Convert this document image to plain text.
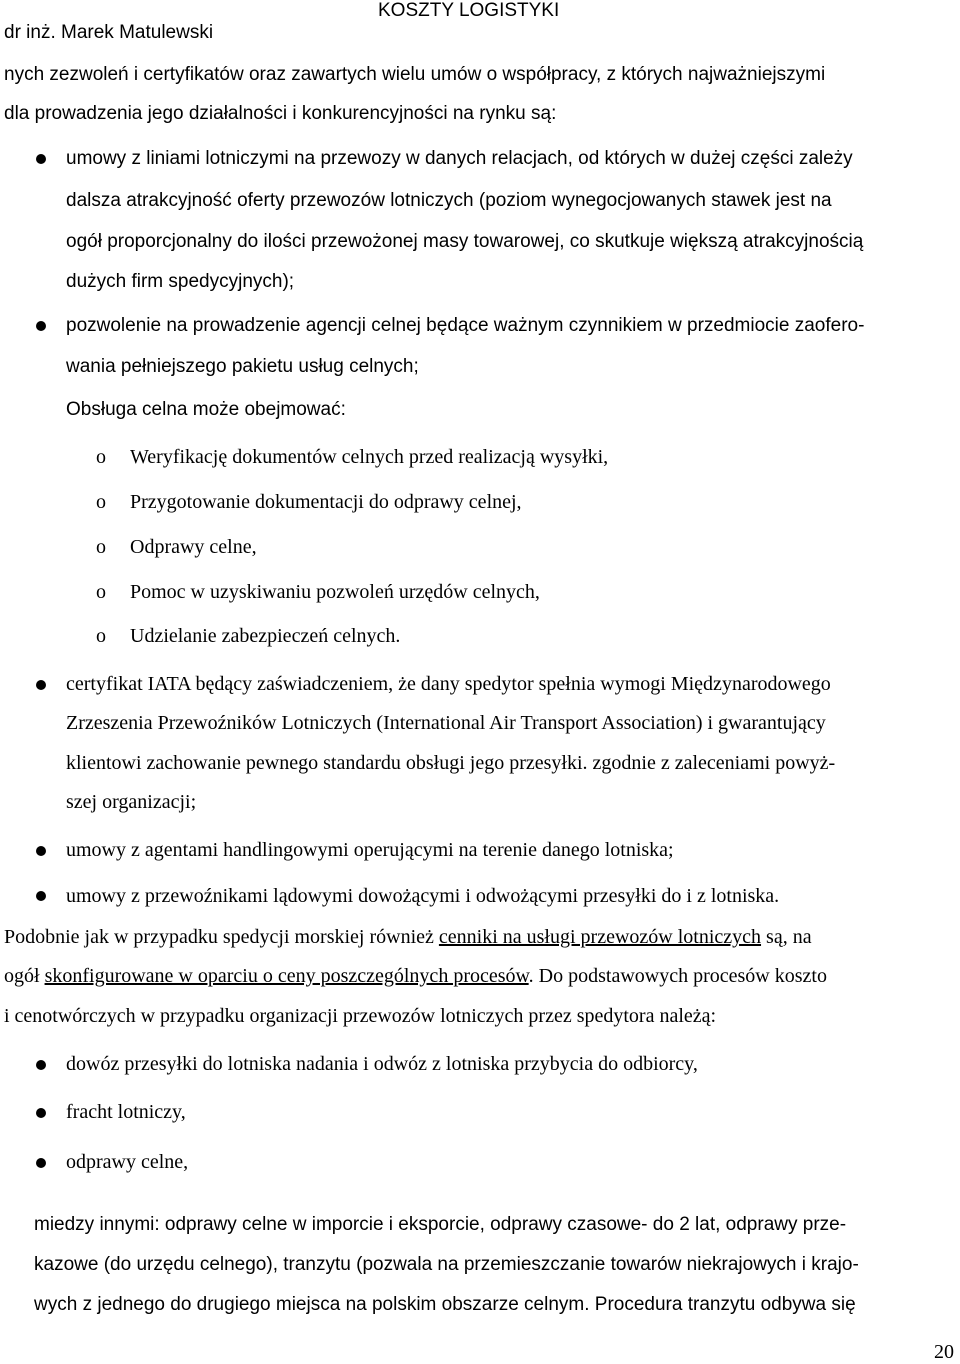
KOSZTY LOGISTYKI
dr inż. Marek Matulewski
nych zezwoleń i certyfikatów oraz zawartych wielu umów o współpracy, z których najważniejszymi
dla prowadzenia jego działalności i konkurencyjności na rynku są:
umowy z liniami lotniczymi na przewozy w danych relacjach, od których w dużej części zależy
dalsza atrakcyjność oferty przewozów lotniczych (poziom wynegocjowanych stawek jest na
ogół proporcjonalny do ilości przewożonej masy towarowej, co skutkuje większą atrakcyjnością
dużych firm spedycyjnych);
pozwolenie na prowadzenie agencji celnej będące ważnym czynnikiem w przedmiocie zaofero-
wania pełniejszego pakietu usług celnych;
Obsługa celna może obejmować:
o Weryfikację dokumentów celnych przed realizacją wysyłki,
o Przygotowanie dokumentacji do odprawy celnej,
o Odprawy celne,
o Pomoc w uzyskiwaniu pozwoleń urzędów celnych,
o Udzielanie zabezpieczeń celnych.
certyfikat IATA będący zaświadczeniem, że dany spedytor spełnia wymogi Międzynarodowego
Zrzeszenia Przewoźników Lotniczych (International Air Transport Association) i gwarantujący
klientowi zachowanie pewnego standardu obsługi jego przesyłki. zgodnie z zaleceniami powyż-
szej organizacji;
umowy z agentami handlingowymi operującymi na terenie danego lotniska;
umowy z przewoźnikami lądowymi dowożącymi i odwożącymi przesyłki do i z lotniska.
Podobnie jak w przypadku spedycji morskiej również cenniki na usługi przewozów lotniczych są, na
ogół skonfigurowane w oparciu o ceny poszczególnych procesów. Do podstawowych procesów koszto
i cenotwórczych w przypadku organizacji przewozów lotniczych przez spedytora należą:
dowóz przesyłki do lotniska nadania i odwóz z lotniska przybycia do odbiorcy,
fracht lotniczy,
odprawy celne,
miedzy innymi: odprawy celne w imporcie i eksporcie, odprawy czasowe- do 2 lat, odprawy prze-
kazowe (do urzędu celnego), tranzytu (pozwala na przemieszczanie towarów niekrajowych i krajo-
wych z jednego do drugiego miejsca na polskim obszarze celnym. Procedura tranzytu odbywa się
20
